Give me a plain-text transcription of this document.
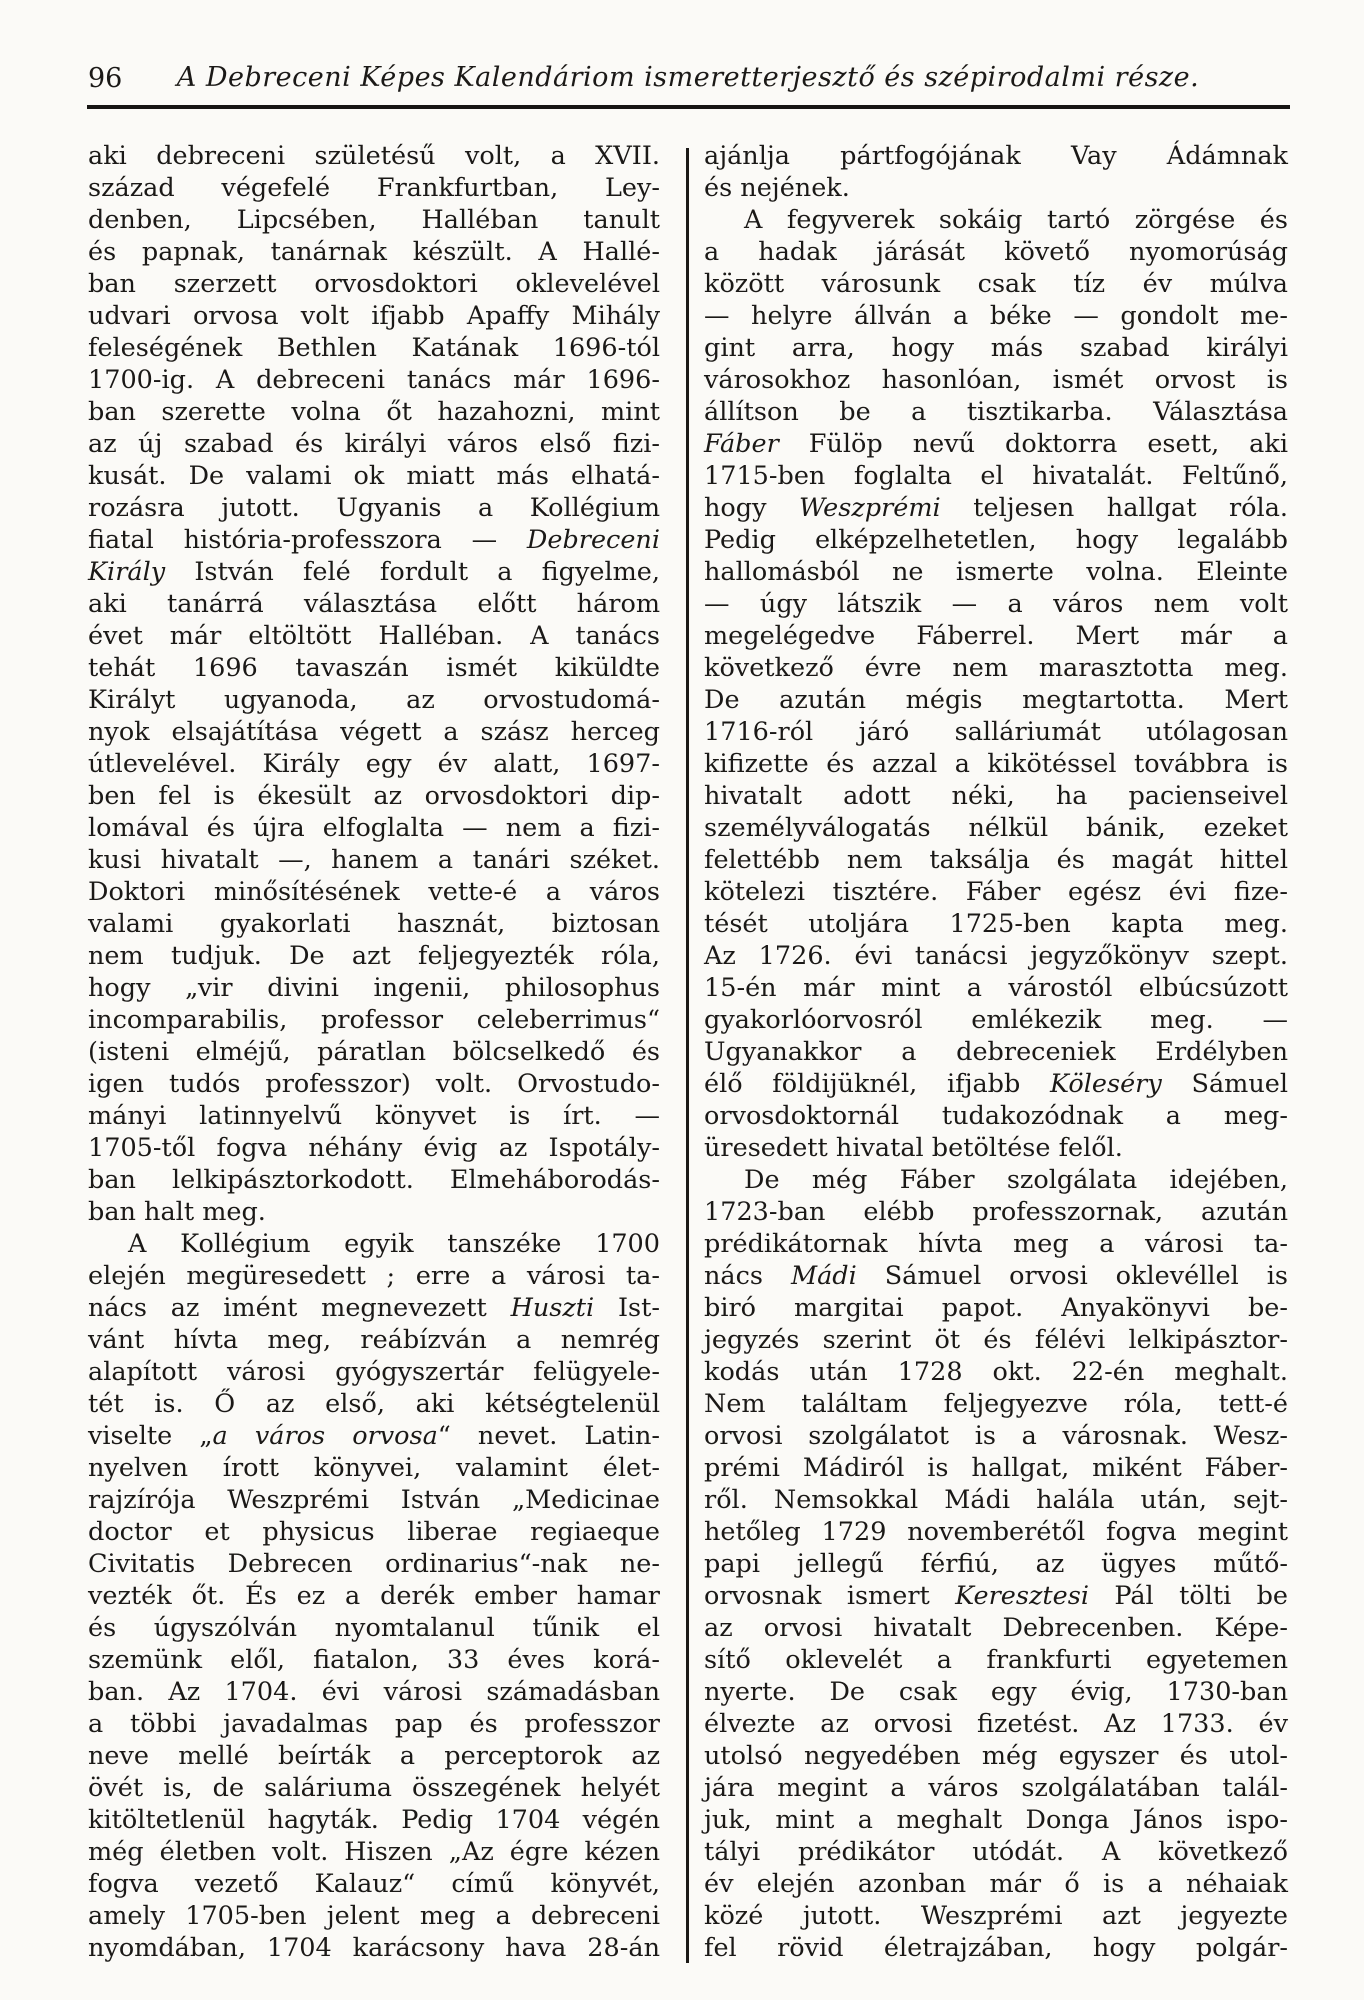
96	A Debreceni Képes Kalendáriom ismeretterjesztő és szépirodalmi része.
aki debreceni születésű volt, a XVII.
század végefelé Frankfurtban, Ley-
denben, Lipcsében, Halléban tanult
és papnak, tanárnak készült. A Hallé-
ban szerzett orvosdoktori oklevelével
udvari orvosa volt ifjabb Apaffy Mihály
feleségének Bethlen Katának 1696-tól
1700-ig. A debreceni tanács már 1696-
ban szerette volna őt hazahozni, mint
az új szabad és királyi város első fizi-
kusát. De valami ok miatt más elhatá-
rozásra jutott. Ugyanis a Kollégium
fiatal história-professzora — Debreceni
Király István felé fordult a figyelme,
aki tanárrá választása előtt három
évet már eltöltött Halléban. A tanács
tehát 1696 tavaszán ismét kiküldte
Királyt ugyanoda, az orvostudomá-
nyok elsajátítása végett a szász herceg
útlevelével. Király egy év alatt, 1697-
ben fel is ékesült az orvosdoktori dip-
lomával és újra elfoglalta — nem a fizi-
kusi hivatalt —, hanem a tanári széket.
Doktori minősítésének vette-é a város
valami gyakorlati hasznát, biztosan
nem tudjuk. De azt feljegyezték róla,
hogy „vir divini ingenii, philosophus
incomparabilis, professor celeberrimus“
(isteni elméjű, páratlan bölcselkedő és
igen tudós professzor) volt. Orvostudo-
mányi latinnyelvű könyvet is írt. —
1705-től fogva néhány évig az Ispotály-
ban lelkipásztorkodott. Elmeháborodás-
ban halt meg.
A Kollégium egyik tanszéke 1700
elején megüresedett ; erre a városi ta-
nács az imént megnevezett Huszti Ist-
vánt hívta meg, reábízván a nemrég
alapított városi gyógyszertár felügyele-
tét is. Ő az első, aki kétségtelenül
viselte „a város orvosa“ nevet. Latin-
nyelven írott könyvei, valamint élet-
rajzírója Weszprémi István „Medicinae
doctor et physicus liberae regiaeque
Civitatis Debrecen ordinarius“-nak ne-
vezték őt. És ez a derék ember hamar
és úgyszólván nyomtalanul tűnik el
szemünk elől, fiatalon, 33 éves korá-
ban. Az 1704. évi városi számadásban
a többi javadalmas pap és professzor
neve mellé beírták a perceptorok az
övét is, de saláriuma összegének helyét
kitöltetlenül hagyták. Pedig 1704 végén
még életben volt. Hiszen „Az égre kézen
fogva vezető Kalauz“ című könyvét,
amely 1705-ben jelent meg a debreceni
nyomdában, 1704 karácsony hava 28-án
ajánlja pártfogójának Vay Ádámnak
és nejének.
A fegyverek sokáig tartó zörgése és
a hadak járását követő nyomorúság
között városunk csak tíz év múlva
— helyre állván a béke — gondolt me-
gint arra, hogy más szabad királyi
városokhoz hasonlóan, ismét orvost is
állítson be a tisztikarba. Választása
Fáber Fülöp nevű doktorra esett, aki
1715-ben foglalta el hivatalát. Feltűnő,
hogy Weszprémi teljesen hallgat róla.
Pedig elképzelhetetlen, hogy legalább
hallomásból ne ismerte volna. Eleinte
— úgy látszik — a város nem volt
megelégedve Fáberrel. Mert már a
következő évre nem marasztotta meg.
De azután mégis megtartotta. Mert
1716-ról járó salláriumát utólagosan
kifizette és azzal a kikötéssel továbbra is
hivatalt adott néki, ha pacienseivel
személyválogatás nélkül bánik, ezeket
felettébb nem taksálja és magát hittel
kötelezi tisztére. Fáber egész évi fize-
tését utoljára 1725-ben kapta meg.
Az 1726. évi tanácsi jegyzőkönyv szept.
15-én már mint a várostól elbúcsúzott
gyakorlóorvosról emlékezik meg. —
Ugyanakkor a debreceniek Erdélyben
élő földijüknél, ifjabb Köleséry Sámuel
orvosdoktornál tudakozódnak a meg-
üresedett hivatal betöltése felől.
De még Fáber szolgálata idejében,
1723-ban elébb professzornak, azután
prédikátornak hívta meg a városi ta-
nács Mádi Sámuel orvosi oklevéllel is
biró margitai papot. Anyakönyvi be-
jegyzés szerint öt és félévi lelkipásztor-
kodás után 1728 okt. 22-én meghalt.
Nem találtam feljegyezve róla, tett-é
orvosi szolgálatot is a városnak. Wesz-
prémi Mádiról is hallgat, miként Fáber-
ről. Nemsokkal Mádi halála után, sejt-
hetőleg 1729 novemberétől fogva megint
papi jellegű férfiú, az ügyes műtő-
orvosnak ismert Keresztesi Pál tölti be
az orvosi hivatalt Debrecenben. Képe-
sítő oklevelét a frankfurti egyetemen
nyerte. De csak egy évig, 1730-ban
élvezte az orvosi fizetést. Az 1733. év
utolsó negyedében még egyszer és utol-
jára megint a város szolgálatában talál-
juk, mint a meghalt Donga János ispo-
tályi prédikátor utódát. A következő
év elején azonban már ő is a néhaiak
közé jutott. Weszprémi azt jegyezte
fel rövid életrajzában, hogy polgár-
